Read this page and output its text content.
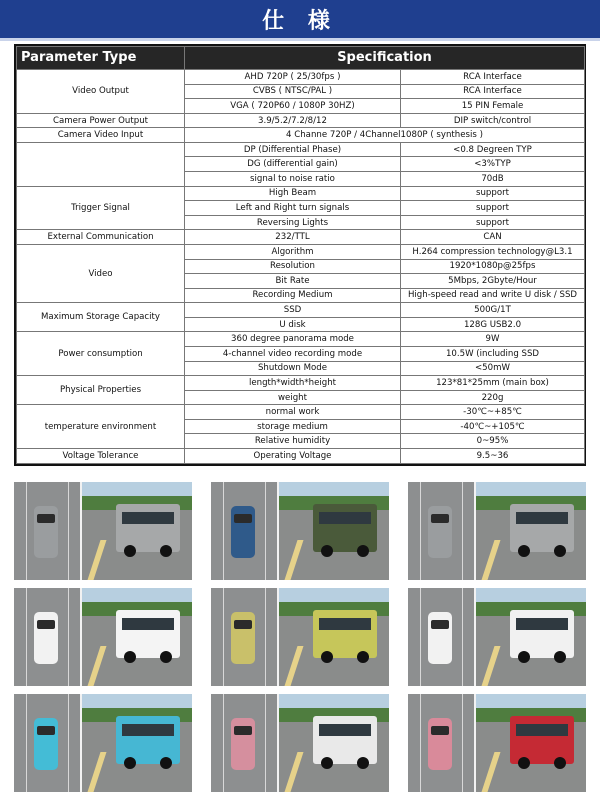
仕 様
Parameter Type	Specification	
Video Output	AHD 720P ( 25/30fps )	RCA Interface
	CVBS ( NTSC/PAL )	RCA Interface
	VGA ( 720P60 / 1080P 30HZ)	15 PIN Female
Camera Power Output	3.9/5.2/7.2/8/12	DIP switch/control
Camera Video Input	4 Channe 720P / 4Channel1080P ( synthesis )	
	DP (Differential Phase)	<0.8 Degreen TYP
	DG (differential gain)	<3%TYP
	signal to noise ratio	70dB
Trigger Signal	High Beam	support
	Left and Right turn signals	support
	Reversing Lights	support
External Communication	232/TTL	CAN
Video	Algorithm	H.264 compression technology@L3.1
	Resolution	1920*1080p@25fps
	Bit Rate	5Mbps, 2Gbyte/Hour
	Recording Medium	High-speed read and write U disk / SSD
Maximum Storage Capacity	SSD	500G/1T
	U disk	128G USB2.0
Power consumption	360 degree panorama mode	9W
	4-channel video recording mode	10.5W (including SSD
	Shutdown Mode	<50mW
Physical Properties	length*width*height	123*81*25mm (main box)
	weight	220g
temperature environment	normal work	-30℃~+85℃
	storage medium	-40℃~+105℃
	Relative humidity	0~95%
Voltage Tolerance	Operating Voltage	9.5~36
